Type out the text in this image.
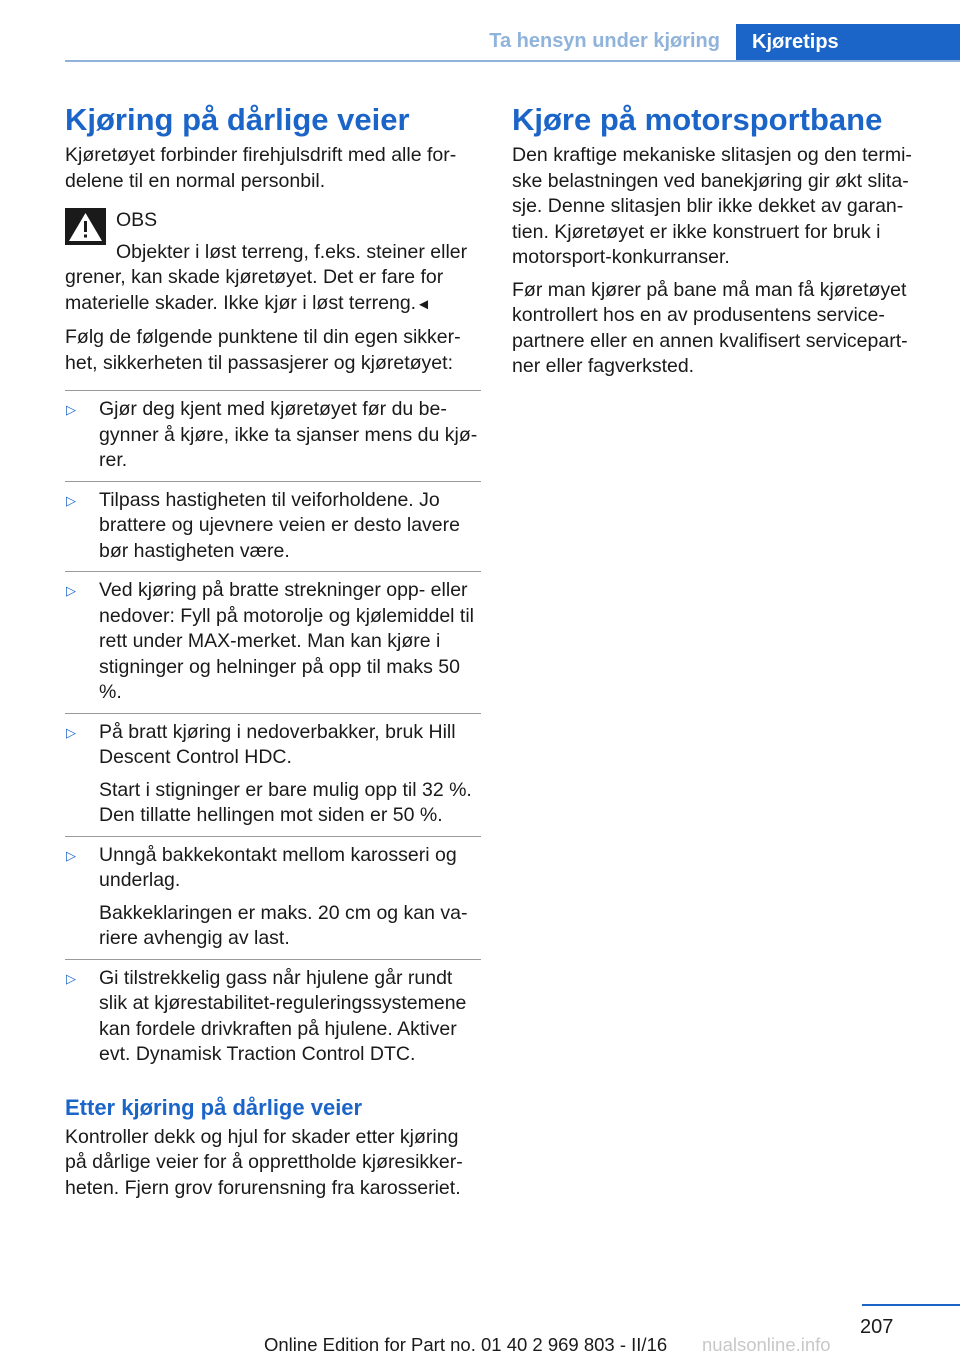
Ta hensyn under kjøring	Kjøretips
Kjøring på dårlige veier

Kjøretøyet forbinder firehjulsdrift med alle for-delene til en normal personbil.

OBS

Objekter i løst terreng, f.eks. steiner eller grener, kan skade kjøretøyet. Det er fare for materielle skader. Ikke kjør i løst terreng.◄

Følg de følgende punktene til din egen sikker-het, sikkerheten til passasjerer og kjøretøyet:

▷ Gjør deg kjent med kjøretøyet før du be-gynner å kjøre, ikke ta sjanser mens du kjø-rer.

▷ Tilpass hastigheten til veiforholdene. Jo brattere og ujevnere veien er desto lavere bør hastigheten være.

▷ Ved kjøring på bratte strekninger opp- eller nedover: Fyll på motorolje og kjølemiddel til rett under MAX-merket. Man kan kjøre i stigninger og helninger på opp til maks 50 %.

▷ På bratt kjøring i nedoverbakker, bruk Hill Descent Control HDC.

Start i stigninger er bare mulig opp til 32 %. Den tillatte hellingen mot siden er 50 %.

▷ Unngå bakkekontakt mellom karosseri og underlag.

Bakkeklaringen er maks. 20 cm og kan va-riere avhengig av last.

▷ Gi tilstrekkelig gass når hjulene går rundt slik at kjørestabilitet-reguleringssystemene kan fordele drivkraften på hjulene. Aktiver evt. Dynamisk Traction Control DTC.

Etter kjøring på dårlige veier

Kontroller dekk og hjul for skader etter kjøring på dårlige veier for å opprettholde kjøresikker-heten. Fjern grov forurensning fra karosseriet.

Kjøre på motorsportbane

Den kraftige mekaniske slitasjen og den termi-ske belastningen ved banekjøring gir økt slita-sje. Denne slitasjen blir ikke dekket av garan-tien. Kjøretøyet er ikke konstruert for bruk i motorsport-konkurranser.

Før man kjører på bane må man få kjøretøyet kontrollert hos en av produsentens service-partnere eller en annen kvalifisert servicepart-ner eller fagverksted.

207
Online Edition for Part no. 01 40 2 969 803 - II/16 nualsonline.info
